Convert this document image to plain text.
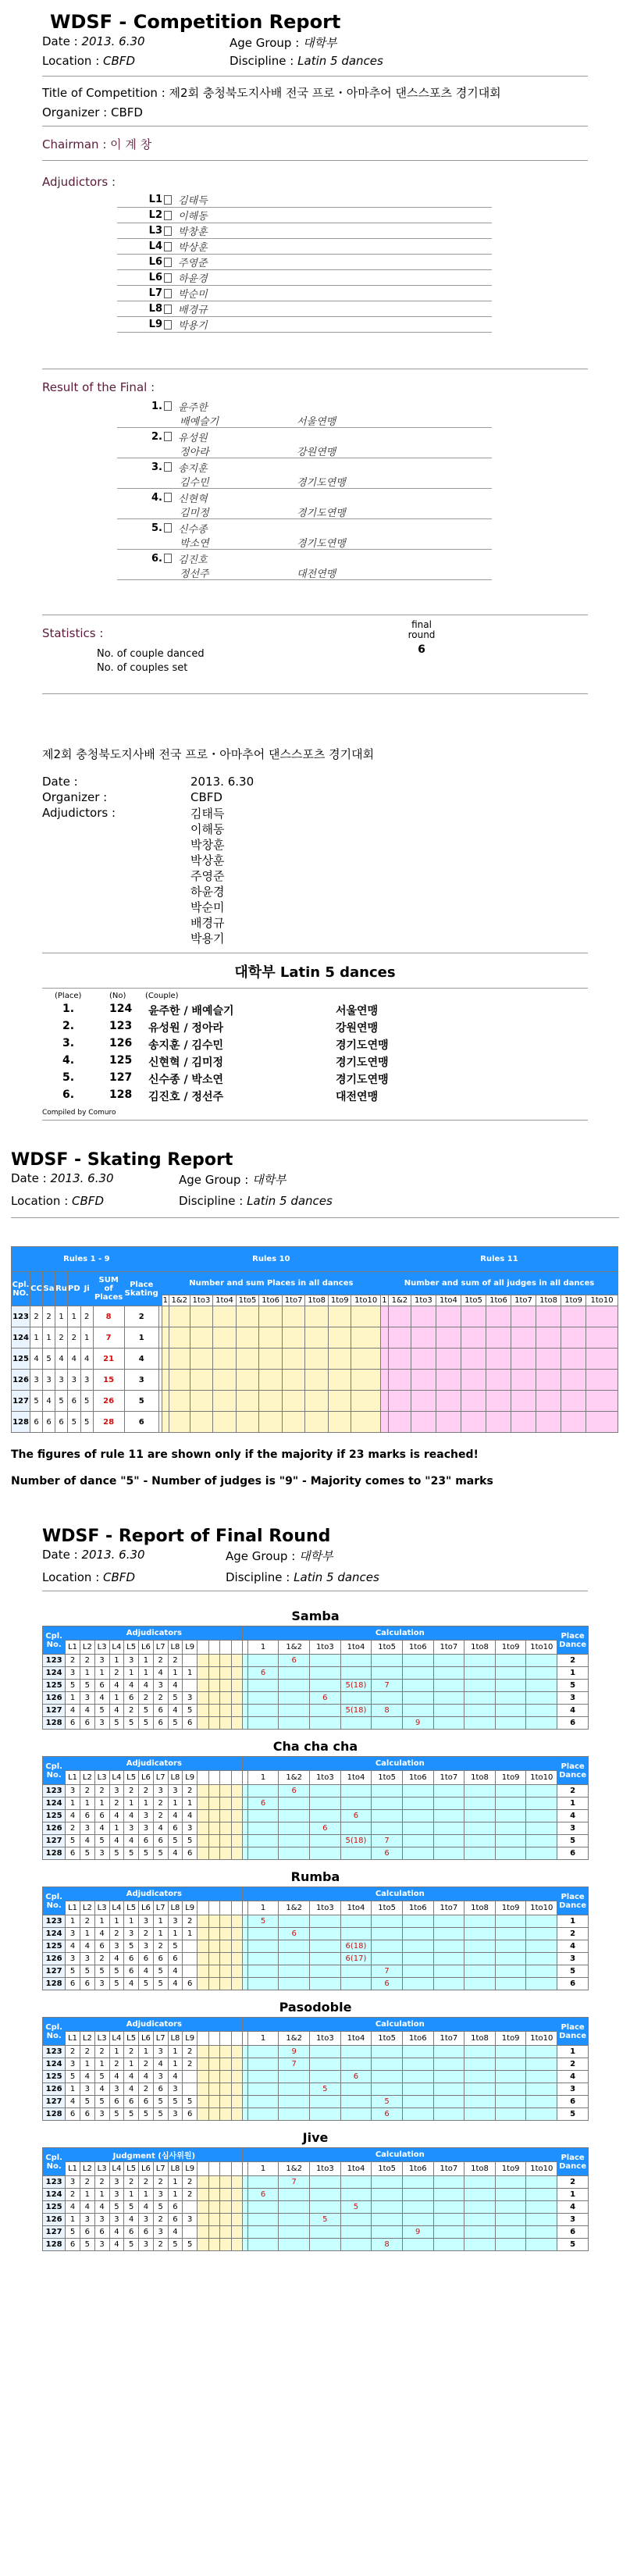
WDSF - Competition Report
Date : 2013. 6.30	Age Group : 대학부
Location : CBFD	Discipline : Latin 5 dances
Title of Competition : 제2회 충청북도지사배 전국 프로・아마추어 댄스스포츠 경기대회
Organizer : CBFD
Chairman : 이 계 창
Adjudictors :
L1 김태득
L2 이해동
L3 박창훈
L4 박상훈
L6 주영준
L6 하윤경
L7 박순미
L8 배경규
L9 박용기
Result of the Final :
1. 윤주한
배예슬기	서울연맹
2. 유성원
정아라	강원연맹
3. 송지훈
김수민	경기도연맹
4. 신현혁
김미정	경기도연맹
5. 신수종
박소연	경기도연맹
6. 김진호
정선주	대전연맹
Statistics :
final round
6
No. of couple danced
No. of couples set
제2회 충청북도지사배 전국 프로・아마추어 댄스스포츠 경기대회
Date :	2013. 6.30
Organizer :	CBFD
Adjudictors :	김태득
이해동
박창훈
박상훈
주영준
하윤경
박순미
배경규
박용기
대학부 Latin 5 dances
(Place)	(No) (Couple)
1.	124 윤주한 / 배예슬기	서울연맹
2.	123 유성원 / 정아라	강원연맹
3.	126 송지훈 / 김수민	경기도연맹
4.	125 신현혁 / 김미정	경기도연맹
5.	127 신수종 / 박소연	경기도연맹
6.	128 김진호 / 정선주	대전연맹
Compiled by Comuro
WDSF - Skating Report
Date : 2013. 6.30	Age Group : 대학부
Location : CBFD	Discipline : Latin 5 dances
Rules 1 - 9									Rules 10										Rules 11									
Cpl. NO.	CC	Sa	Ru	PD	Ji	SUM of Places	Place Skating		Number and sum Places in all dances										Number and sum of all judges in all dances									
									1	1&2	1to3	1to4	1to5	1to6	1to7	1to8	1to9	1to10	1	1&2	1to3	1to4	1to5	1to6	1to7	1to8	1to9	1to10
123	2	2	1	1	2	8	2																					
124	1	1	2	2	1	7	1																					
125	4	5	4	4	4	21	4																					
126	3	3	3	3	3	15	3																					
127	5	4	5	6	5	26	5																					
128	6	6	6	5	5	28	6																					
The figures of rule 11 are shown only if the majority if 23 marks is reached!
Number of dance "5" - Number of judges is "9" - Majority comes to "23" marks
WDSF - Report of Final Round
Date : 2013. 6.30	Age Group : 대학부
Location : CBFD	Discipline : Latin 5 dances
Samba
Cpl. No.	Adjudicators													Calculation											Place Dance
	L1	L2	L3	L4	L5	L6	L7	L8	L9						1	1&2	1to3	1to4	1to5	1to6	1to7	1to8	1to9	1to10	
123	2	2	3	1	3	1	2	2								6									2
124	3	1	1	2	1	1	4	1	1						6										1
125	5	5	6	4	4	4	3	4										5(18)	7						5
126	1	3	4	1	6	2	2	5	3								6								3
127	4	4	5	4	2	5	6	4	5									5(18)	8						4
128	6	6	3	5	5	5	6	5	6											9					6
Cha cha cha
Cpl. No.	Adjudicators													Calculation											Place Dance
	L1	L2	L3	L4	L5	L6	L7	L8	L9						1	1&2	1to3	1to4	1to5	1to6	1to7	1to8	1to9	1to10	
123	3	2	2	3	2	2	3	3	2							6									2
124	1	1	1	2	1	1	2	1	1						6										1
125	4	6	6	4	4	3	2	4	4									6							4
126	2	3	4	1	3	3	4	6	3								6								3
127	5	4	5	4	4	6	6	5	5									5(18)	7						5
128	6	5	3	5	5	5	5	4	6										6						6
Rumba
Cpl. No.	Adjudicators													Calculation											Place Dance
	L1	L2	L3	L4	L5	L6	L7	L8	L9						1	1&2	1to3	1to4	1to5	1to6	1to7	1to8	1to9	1to10	
123	1	2	1	1	1	3	1	3	2						5										1
124	3	1	4	2	3	2	1	1	1							6									2
125	4	4	6	3	5	3	2	5										6(18)							4
126	3	3	2	4	6	6	6	6										6(17)							3
127	5	5	5	5	6	4	5	4											7						5
128	6	6	3	5	4	5	5	4	6										6						6
Pasodoble
Cpl. No.	Adjudicators													Calculation											Place Dance
	L1	L2	L3	L4	L5	L6	L7	L8	L9						1	1&2	1to3	1to4	1to5	1to6	1to7	1to8	1to9	1to10	
123	2	2	2	1	2	1	3	1	2							9									1
124	3	1	1	2	1	2	4	1	2							7									2
125	5	4	5	4	4	4	3	4										6							4
126	1	3	4	3	4	2	6	3									5								3
127	4	5	5	6	6	6	5	5	5										5						6
128	6	6	3	5	5	5	5	3	6										6						5
Jive
Cpl. No.	Judgment (심사위원)													Calculation											Place Dance
	L1	L2	L3	L4	L5	L6	L7	L8	L9						1	1&2	1to3	1to4	1to5	1to6	1to7	1to8	1to9	1to10	
123	3	2	2	3	2	2	2	1	2							7									2
124	2	1	1	3	1	1	3	1	2						6										1
125	4	4	4	5	5	4	5	6										5							4
126	1	3	3	3	4	3	2	6	3								5								3
127	5	6	6	4	6	6	3	4												9					6
128	6	5	3	4	5	3	2	5	5										8						5
